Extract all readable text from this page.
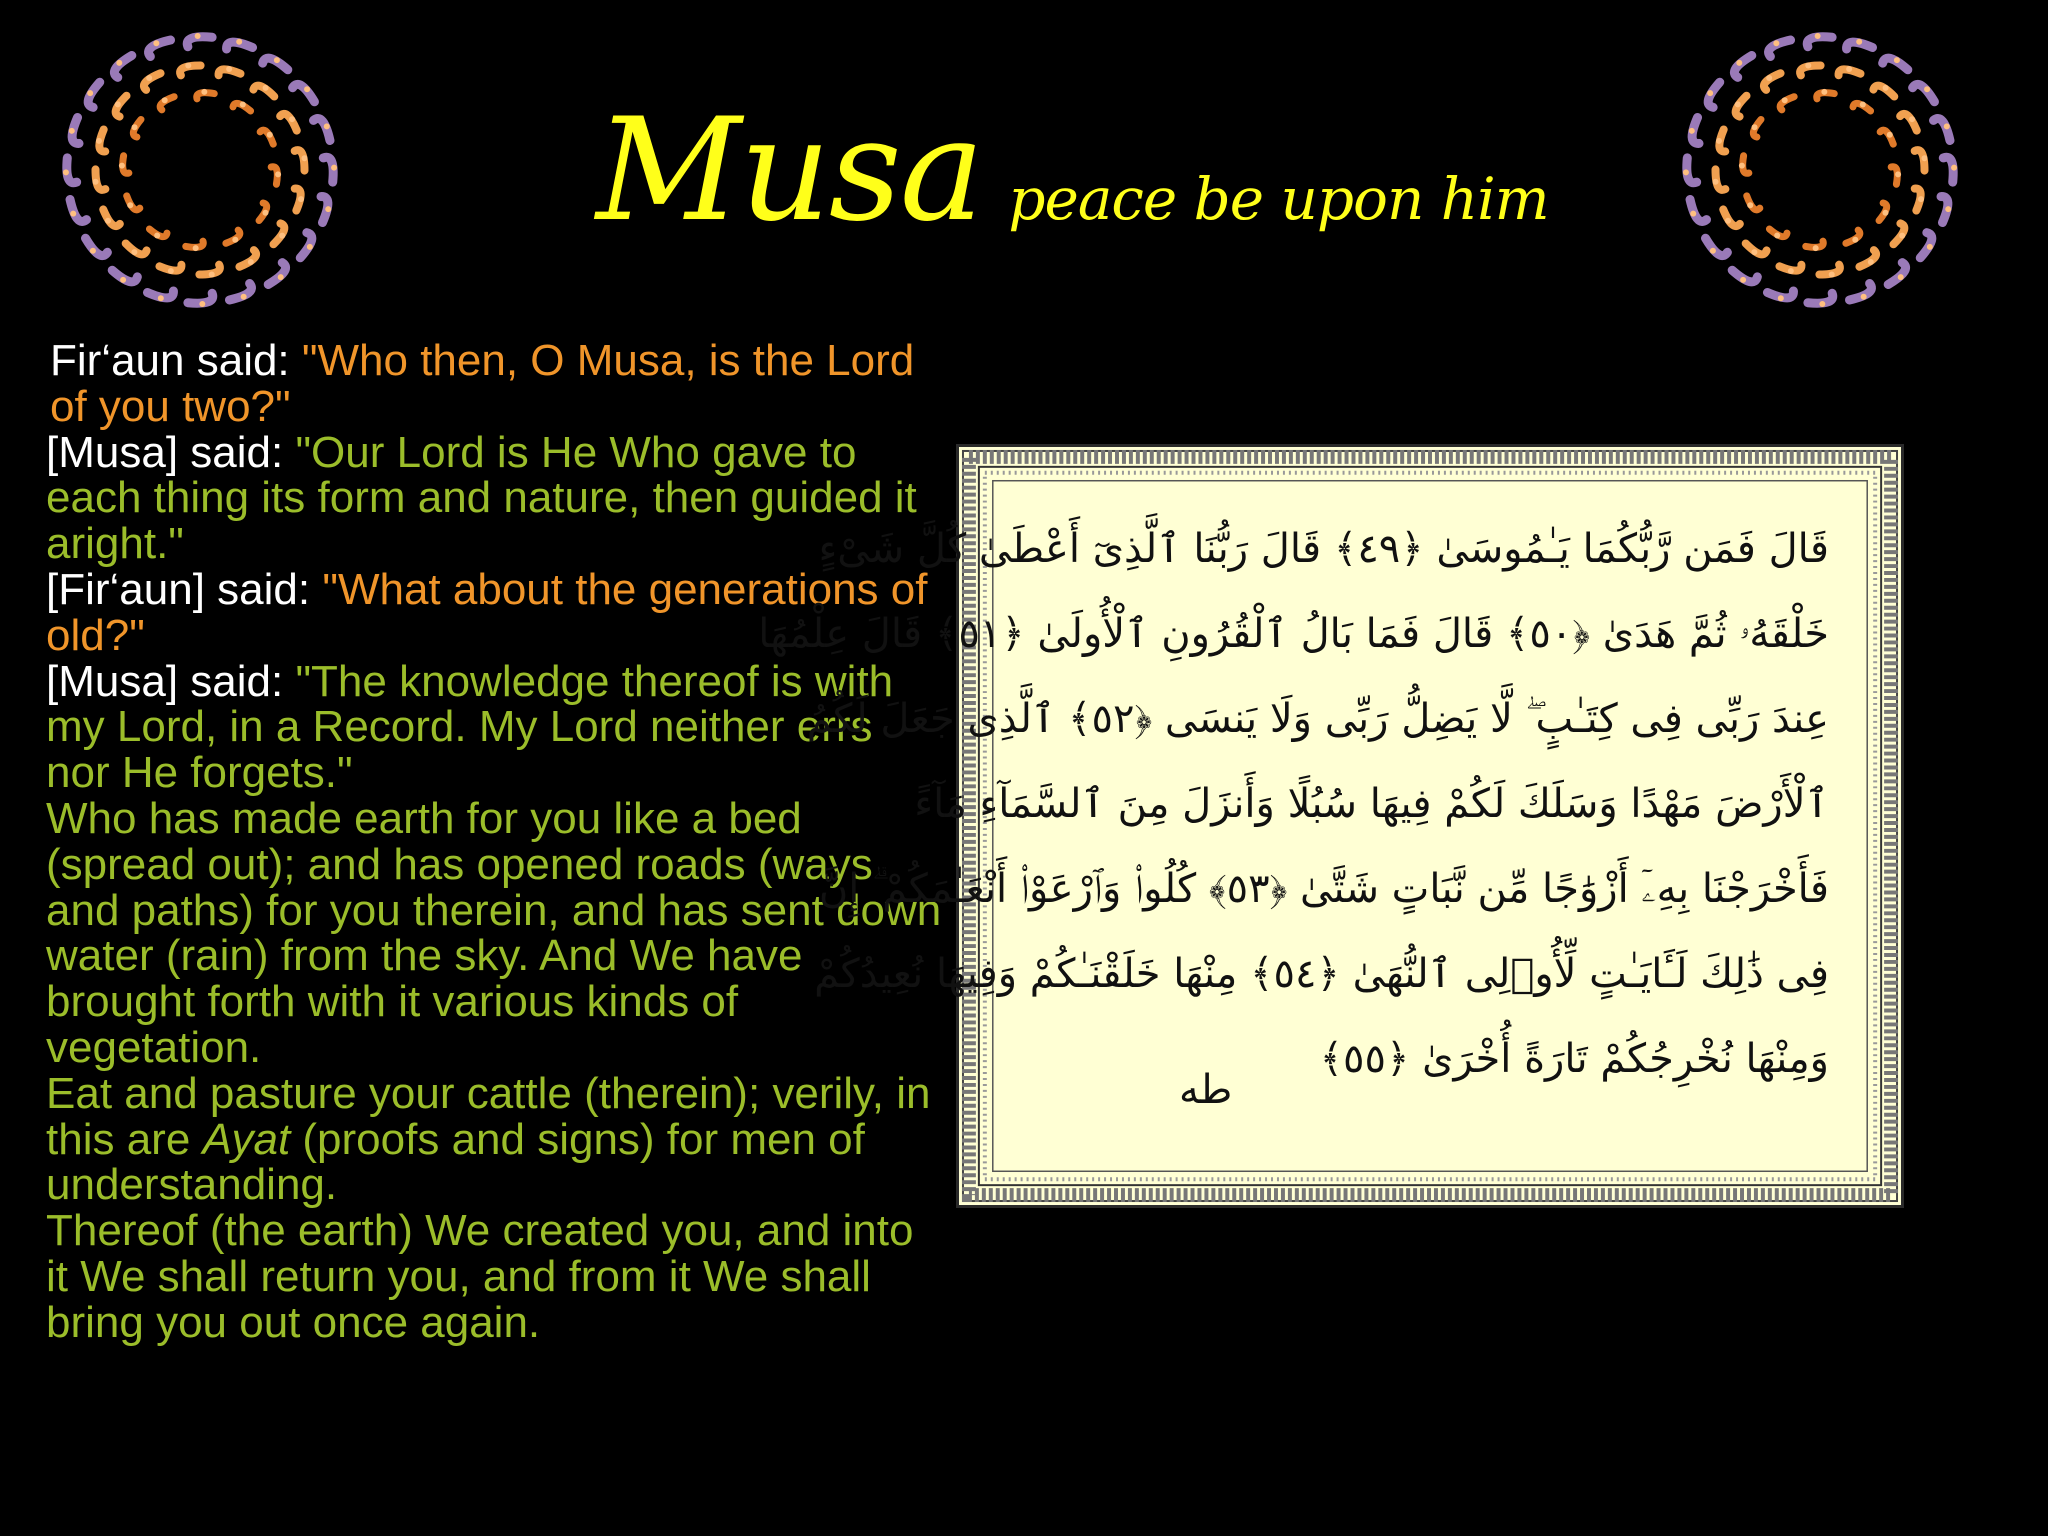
Musa peace be upon him

Fir‘aun said: "Who then, O Musa, is the Lord of you two?"

[Musa] said: "Our Lord is He Who gave to each thing its form and nature, then guided it aright."

[Fir‘aun] said: "What about the generations of old?"

[Musa] said: "The knowledge thereof is with my Lord, in a Record. My Lord neither errs nor He forgets."

Who has made earth for you like a bed (spread out); and has opened roads (ways and paths) for you therein, and has sent down water (rain) from the sky. And We have brought forth with it various kinds of vegetation.

Eat and pasture your cattle (therein); verily, in this are Ayat (proofs and signs) for men of understanding.

Thereof (the earth) We created you, and into it We shall return you, and from it We shall bring you out once again.

قَالَ فَمَن رَّبُّكُمَا يَـٰمُوسَىٰ ﴿٤٩﴾ قَالَ رَبُّنَا ٱلَّذِىٓ أَعْطَىٰ كُلَّ شَىْءٍ
خَلْقَهُۥ ثُمَّ هَدَىٰ ﴿٥٠﴾ قَالَ فَمَا بَالُ ٱلْقُرُونِ ٱلْأُولَىٰ ﴿٥١﴾ قَالَ عِلْمُهَا
عِندَ رَبِّى فِى كِتَـٰبٍ ۖ لَّا يَضِلُّ رَبِّى وَلَا يَنسَى ﴿٥٢﴾ ٱلَّذِى جَعَلَ لَكُمُ
ٱلْأَرْضَ مَهْدًا وَسَلَكَ لَكُمْ فِيهَا سُبُلًا وَأَنزَلَ مِنَ ٱلسَّمَآءِ مَآءً
فَأَخْرَجْنَا بِهِۦٓ أَزْوَٰجًا مِّن نَّبَاتٍ شَتَّىٰ ﴿٥٣﴾ كُلُوا۟ وَٱرْعَوْا۟ أَنْعَـٰمَكُمْ ۗ إِنَّ
فِى ذَٰلِكَ لَـَٔايَـٰتٍ لِّأُو۟لِى ٱلنُّهَىٰ ﴿٥٤﴾ مِنْهَا خَلَقْنَـٰكُمْ وَفِيهَا نُعِيدُكُمْ
وَمِنْهَا نُخْرِجُكُمْ تَارَةً أُخْرَىٰ ﴿٥٥﴾
طه
